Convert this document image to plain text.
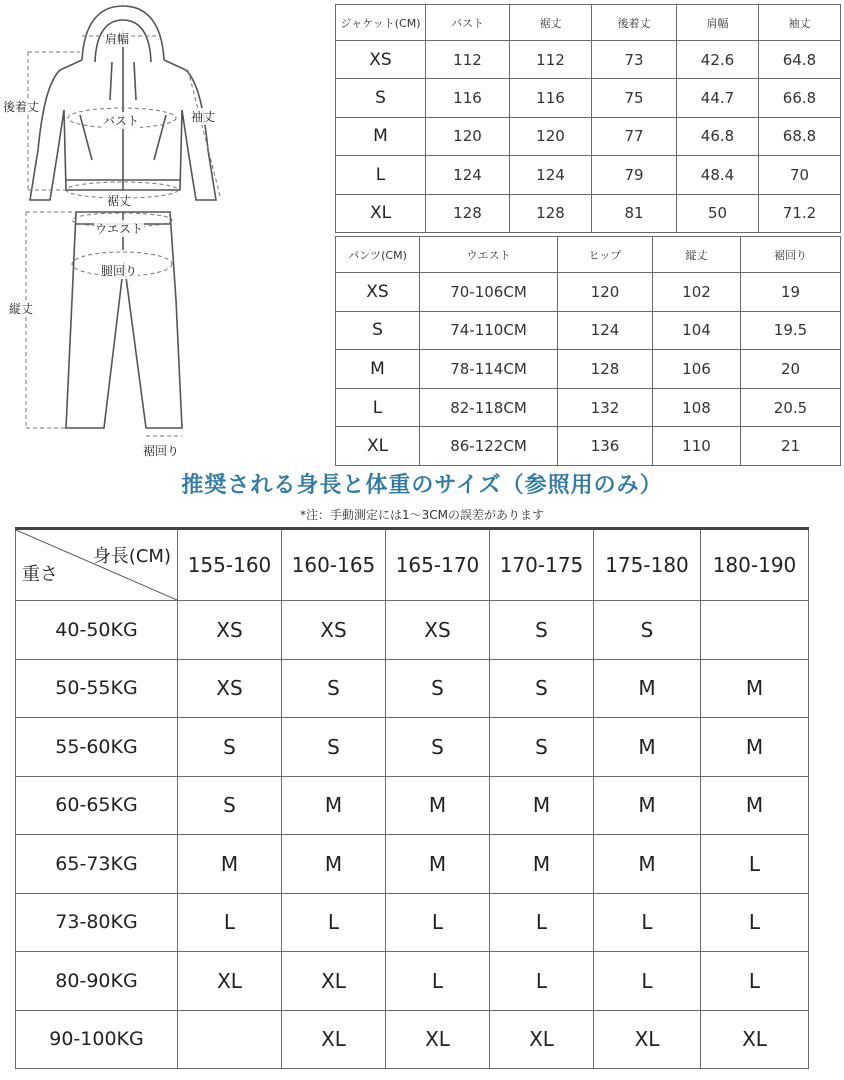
肩幅
後着丈
袖丈
バスト
裾丈
ウエスト
腿回り
縦丈
裾回り
ジャケット(CM)	バスト	裾丈	後着丈	肩幅	袖丈
XS	112	112	73	42.6	64.8
S	116	116	75	44.7	66.8
M	120	120	77	46.8	68.8
L	124	124	79	48.4	70
XL	128	128	81	50	71.2
パンツ(CM)	ウエスト	ヒップ	縦丈	裾回り
XS	70-106CM	120	102	19
S	74-110CM	124	104	19.5
M	78-114CM	128	106	20
L	82-118CM	132	108	20.5
XL	86-122CM	136	110	21
推奨される身長と体重のサイズ（参照用のみ）
*注：手動測定には1～3CMの誤差があります
身長(CM)
重さ	155-160	160-165	165-170	170-175	175-180	180-190
40-50KG	XS	XS	XS	S	S	
50-55KG	XS	S	S	S	M	M
55-60KG	S	S	S	S	M	M
60-65KG	S	M	M	M	M	M
65-73KG	M	M	M	M	M	L
73-80KG	L	L	L	L	L	L
80-90KG	XL	XL	L	L	L	L
90-100KG		XL	XL	XL	XL	XL
